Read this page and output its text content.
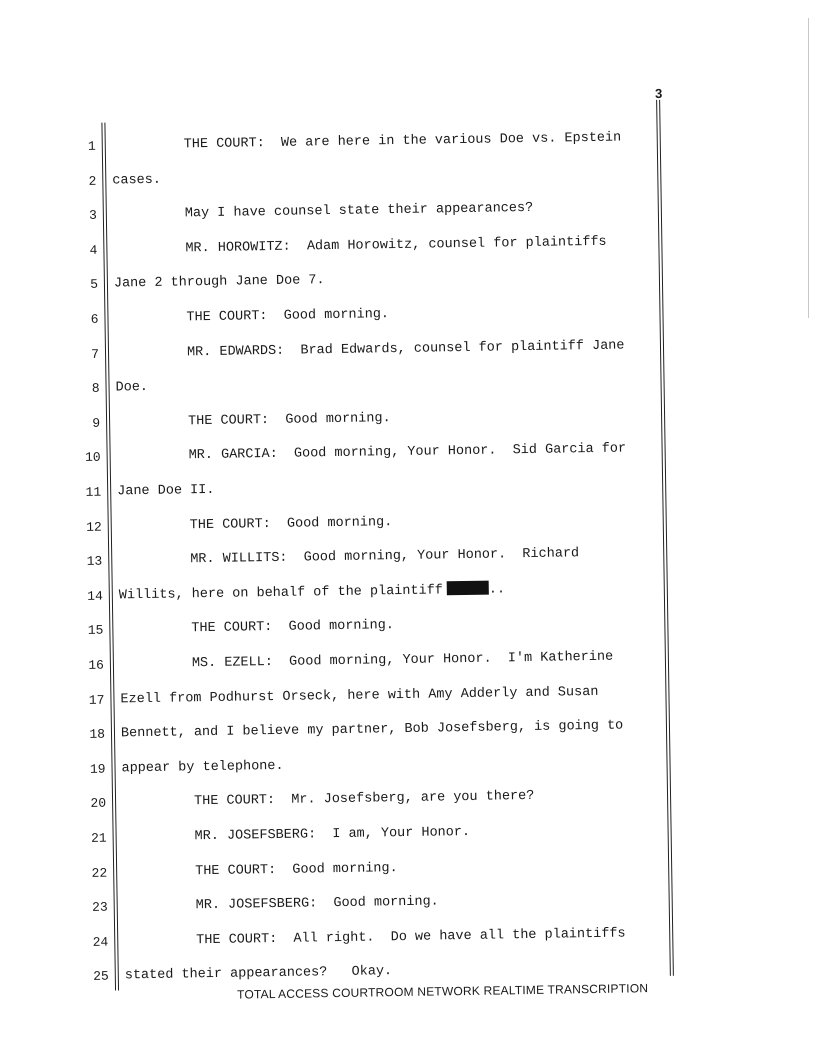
3
1	THE COURT:  We are here in the various Doe vs. Epstein
2 cases.
3	May I have counsel state their appearances?
4	MR. HOROWITZ:  Adam Horowitz, counsel for plaintiffs
5 Jane 2 through Jane Doe 7.
6	THE COURT:  Good morning.
7	MR. EDWARDS:  Brad Edwards, counsel for plaintiff Jane
8 Doe.
9	THE COURT:  Good morning.
10	MR. GARCIA:  Good morning, Your Honor.  Sid Garcia for
11 Jane Doe II.
12	THE COURT:  Good morning.
13	MR. WILLITS:  Good morning, Your Honor.  Richard
14 Willits, here on behalf of the plaintiff	..
15	THE COURT:  Good morning.
16	MS. EZELL:  Good morning, Your Honor.  I'm Katherine
17 Ezell from Podhurst Orseck, here with Amy Adderly and Susan
18 Bennett, and I believe my partner, Bob Josefsberg, is going to
19 appear by telephone.
20	THE COURT:  Mr. Josefsberg, are you there?
21	MR. JOSEFSBERG:  I am, Your Honor.
22	THE COURT:  Good morning.
23	MR. JOSEFSBERG:  Good morning.
24	THE COURT:  All right.  Do we have all the plaintiffs
25 stated their appearances?   Okay.
TOTAL ACCESS COURTROOM NETWORK REALTIME TRANSCRIPTION
